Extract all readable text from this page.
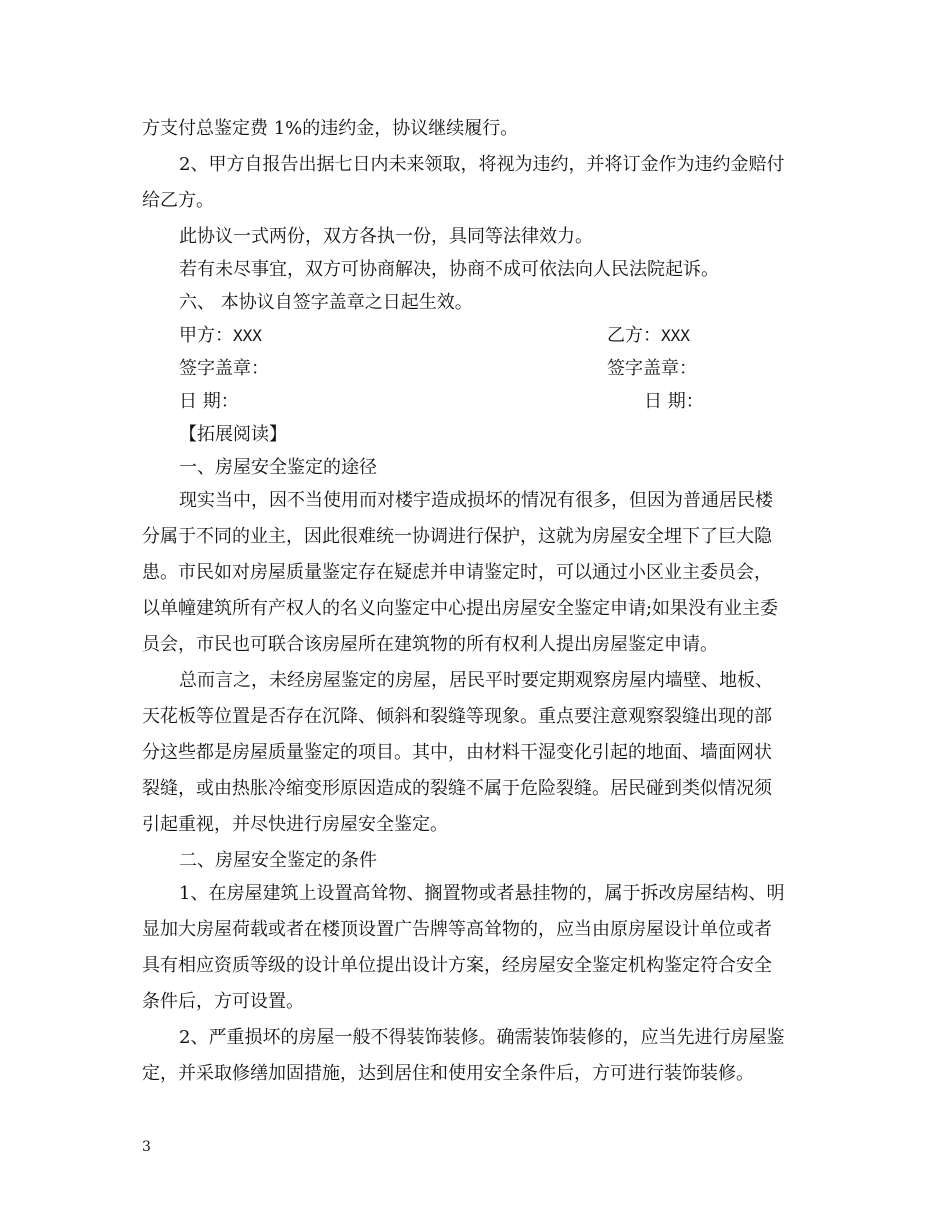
方支付总鉴定费 1%的违约金，协议继续履行。
2、甲方自报告出据七日内未来领取，将视为违约，并将订金作为违约金赔付
给乙方。
此协议一式两份，双方各执一份，具同等法律效力。
若有未尽事宜，双方可协商解决，协商不成可依法向人民法院起诉。
六、 本协议自签字盖章之日起生效。
甲方：XXX	乙方：XXX
签字盖章：	签字盖章：
日 期：	日 期：
【拓展阅读】
一、房屋安全鉴定的途径
现实当中，因不当使用而对楼宇造成损坏的情况有很多，但因为普通居民楼
分属于不同的业主，因此很难统一协调进行保护，这就为房屋安全埋下了巨大隐
患。市民如对房屋质量鉴定存在疑虑并申请鉴定时，可以通过小区业主委员会，
以单幢建筑所有产权人的名义向鉴定中心提出房屋安全鉴定申请;如果没有业主委
员会，市民也可联合该房屋所在建筑物的所有权利人提出房屋鉴定申请。
总而言之，未经房屋鉴定的房屋，居民平时要定期观察房屋内墙壁、地板、
天花板等位置是否存在沉降、倾斜和裂缝等现象。重点要注意观察裂缝出现的部
分这些都是房屋质量鉴定的项目。其中，由材料干湿变化引起的地面、墙面网状
裂缝，或由热胀冷缩变形原因造成的裂缝不属于危险裂缝。居民碰到类似情况须
引起重视，并尽快进行房屋安全鉴定。
二、房屋安全鉴定的条件
1、在房屋建筑上设置高耸物、搁置物或者悬挂物的，属于拆改房屋结构、明
显加大房屋荷载或者在楼顶设置广告牌等高耸物的，应当由原房屋设计单位或者
具有相应资质等级的设计单位提出设计方案，经房屋安全鉴定机构鉴定符合安全
条件后，方可设置。
2、严重损坏的房屋一般不得装饰装修。确需装饰装修的，应当先进行房屋鉴
定，并采取修缮加固措施，达到居住和使用安全条件后，方可进行装饰装修。
3
